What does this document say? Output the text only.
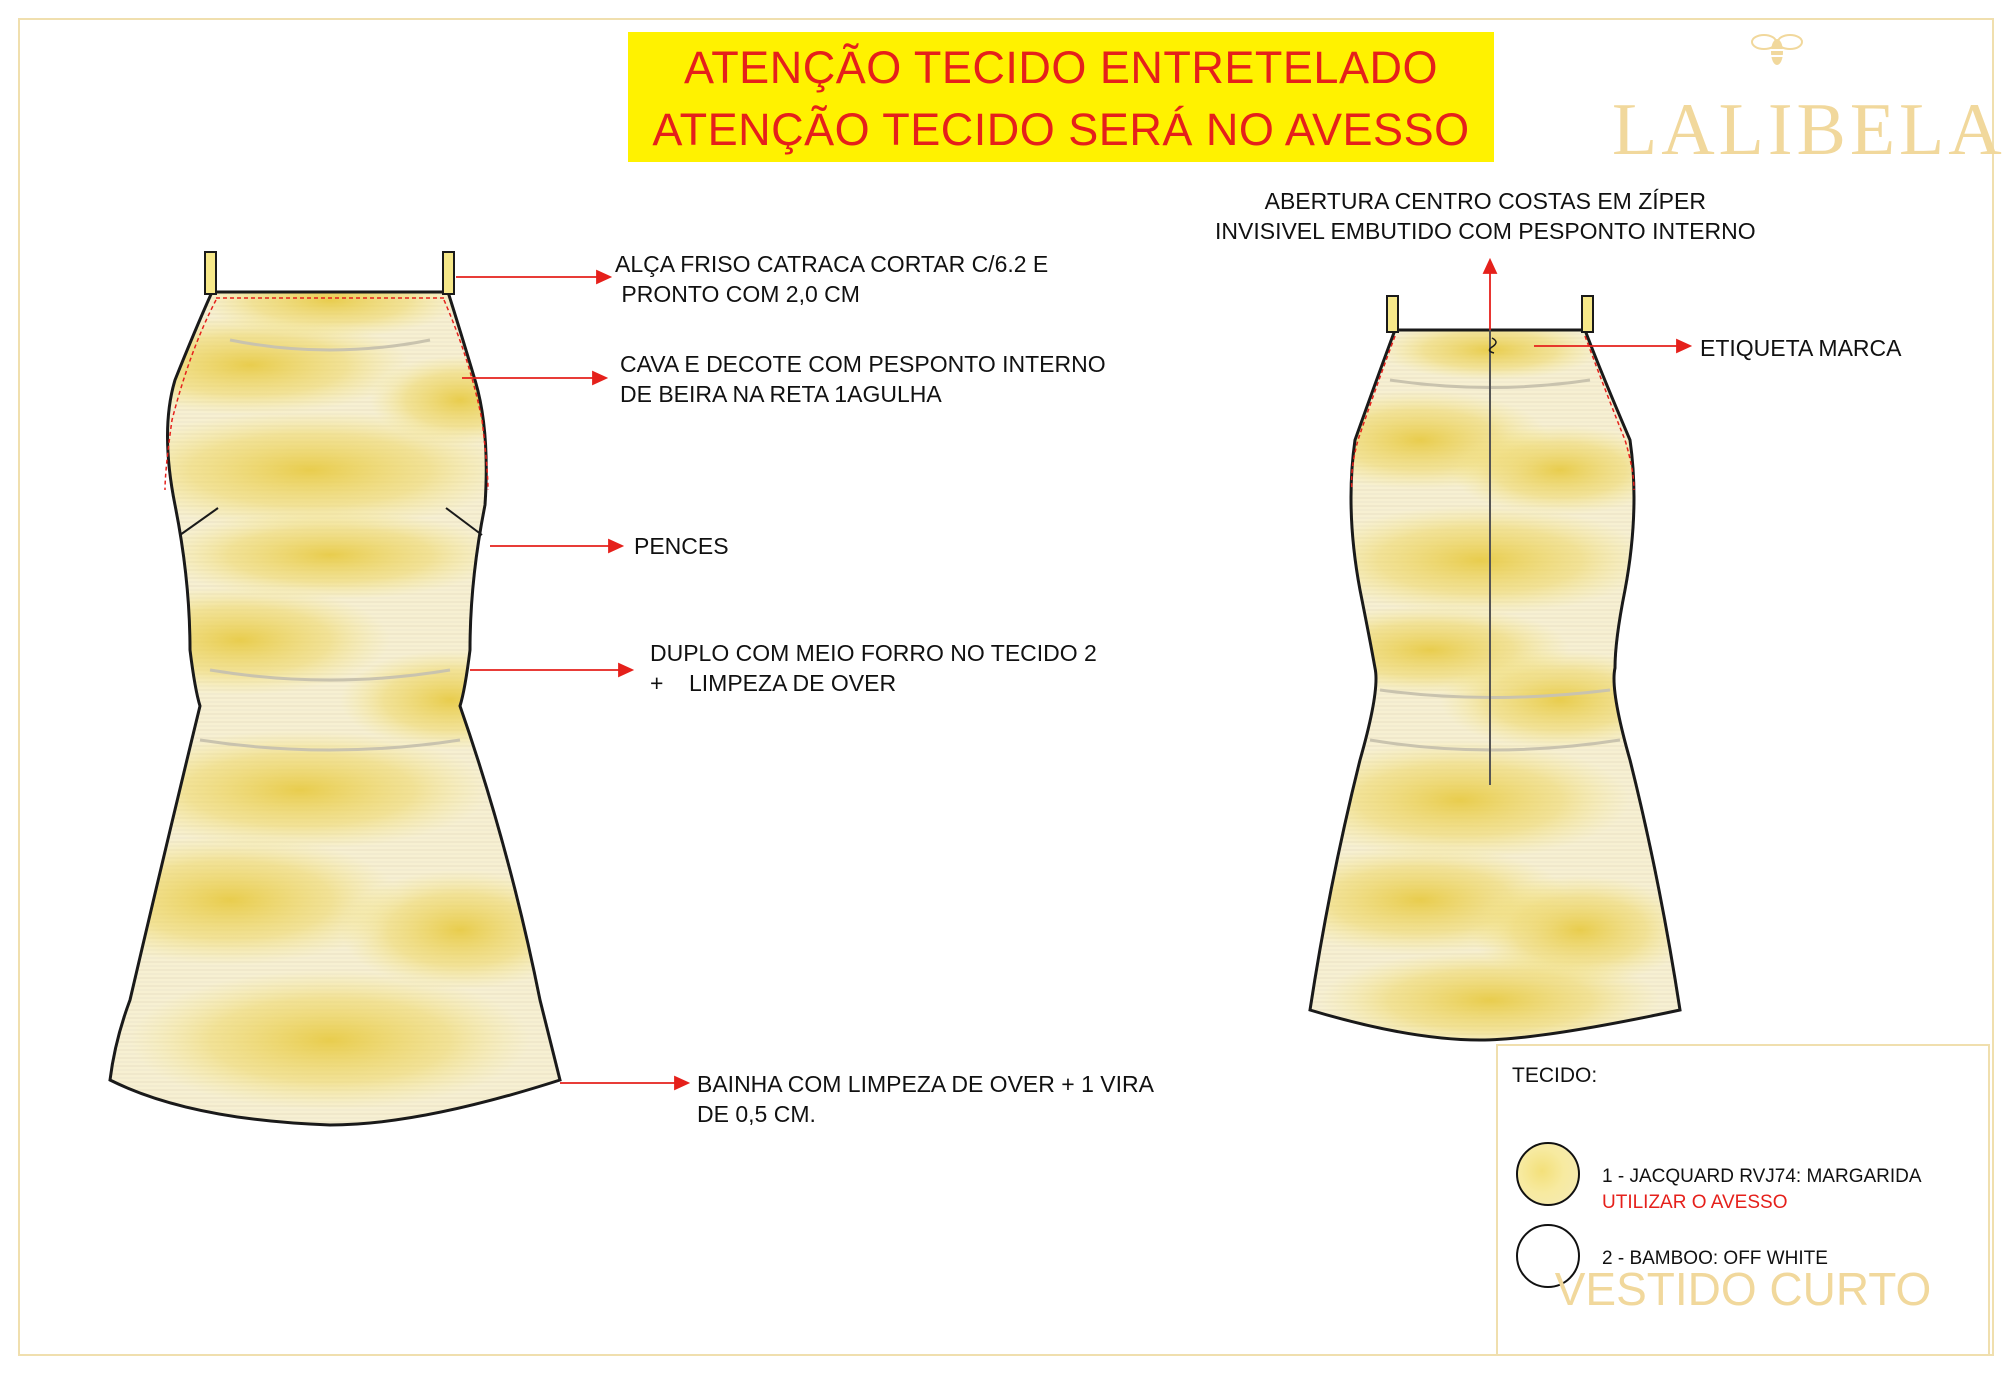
ATENÇÃO TECIDO ENTRETELADO
ATENÇÃO TECIDO SERÁ NO AVESSO	LALIBELA
ALÇA FRISO CATRACA CORTAR C/6.2 E
PRONTO COM 2,0 CM
CAVA E DECOTE COM PESPONTO INTERNO
DE BEIRA NA RETA 1AGULHA
PENCES
DUPLO COM MEIO FORRO NO TECIDO 2
+    LIMPEZA DE OVER
BAINHA COM LIMPEZA DE OVER + 1 VIRA
DE 0,5 CM.
ABERTURA CENTRO COSTAS EM ZÍPER
INVISIVEL EMBUTIDO COM PESPONTO INTERNO
ETIQUETA MARCA
TECIDO:
1 - JACQUARD RVJ74: MARGARIDA
UTILIZAR O AVESSO
2 - BAMBOO: OFF WHITE
VESTIDO CURTO
